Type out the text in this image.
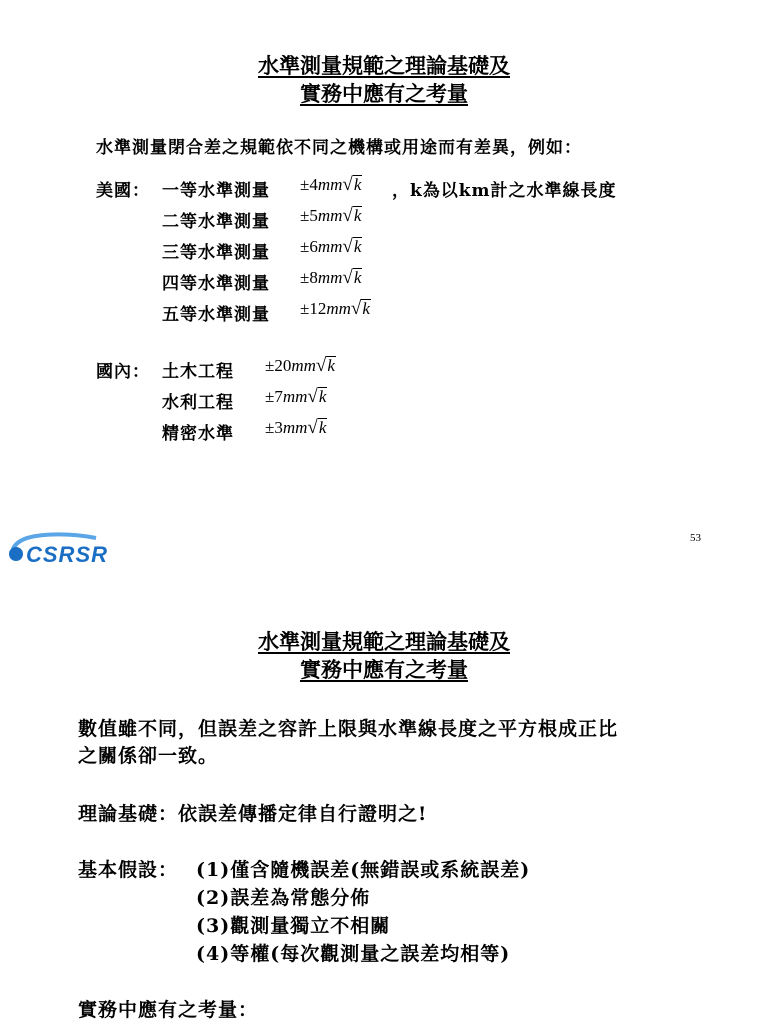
水準測量規範之理論基礎及
實務中應有之考量
水準測量閉合差之規範依不同之機構或用途而有差異，例如：
美國： 一等水準測量 ±4mm√k
二等水準測量 ±5mm√k
三等水準測量 ±6mm√k
四等水準測量 ±8mm√k
五等水準測量 ±12mm√k
，k為以km計之水準線長度
國內： 土木工程 ±20mm√k
水利工程 ±7mm√k
精密水準 ±3mm√k
CSRSR
53
水準測量規範之理論基礎及
實務中應有之考量
數值雖不同，但誤差之容許上限與水準線長度之平方根成正比
之關係卻一致。
理論基礎：依誤差傳播定律自行證明之!
基本假設： (1)僅含隨機誤差(無錯誤或系統誤差)
(2)誤差為常態分佈
(3)觀測量獨立不相關
(4)等權(每次觀測量之誤差均相等)
實務中應有之考量：
